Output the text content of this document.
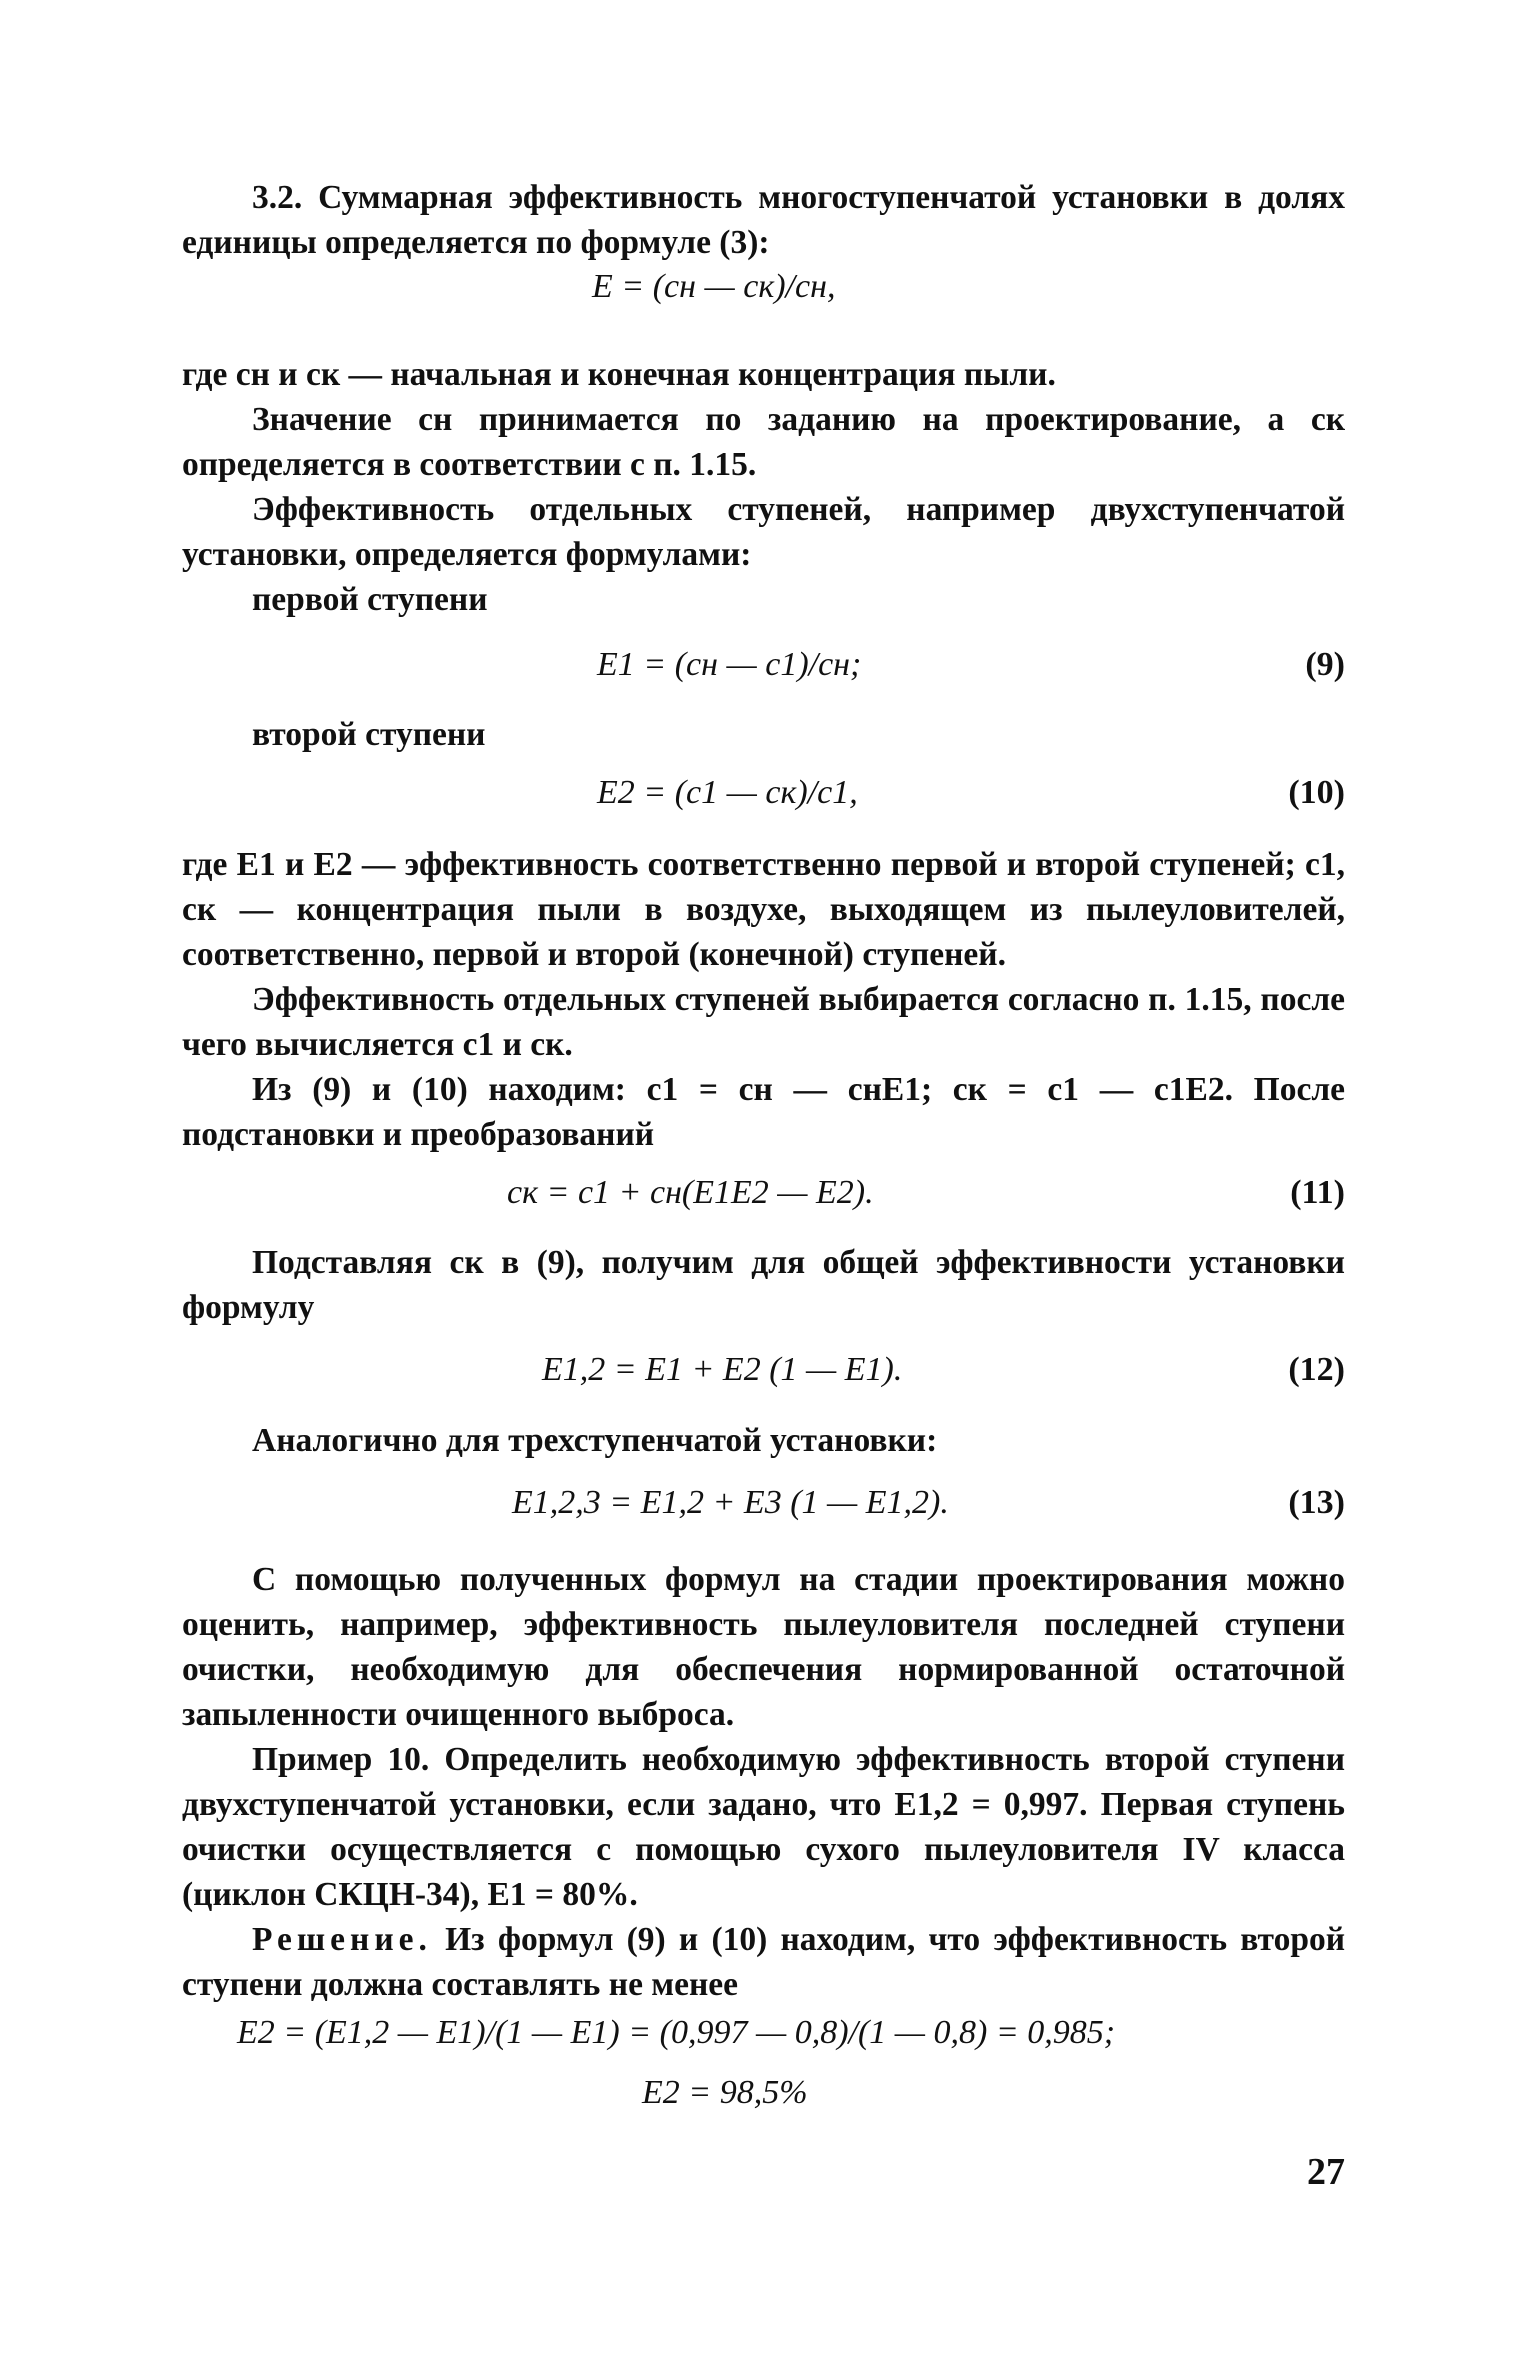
3.2. Суммарная эффективность многоступенчатой установки в долях единицы определяется по формуле (3):

E = (cн — cк)/cн,

где cн и cк — начальная и конечная концентрация пыли.

Значение cн принимается по заданию на проектирование, а cк определяется в соответствии с п. 1.15.

Эффективность отдельных ступеней, например двухступенчатой установки, определяется формулами:

первой ступени

E1 = (cн — c1)/cн;	(9)

второй ступени

E2 = (c1 — cк)/c1,	(10)

где E1 и E2 — эффективность соответственно первой и второй ступеней; c1, cк — концентрация пыли в воздухе, выходящем из пылеуловителей, соответственно, первой и второй (конечной) ступеней.

Эффективность отдельных ступеней выбирается согласно п. 1.15, после чего вычисляется c1 и cк.

Из (9) и (10) находим: c1 = cн — cнE1; cк = c1 — c1E2. После подстановки и преобразований

cк = c1 + cн(E1E2 — E2).	(11)

Подставляя cк в (9), получим для общей эффективности установки формулу

E1,2 = E1 + E2 (1 — E1).	(12)

Аналогично для трехступенчатой установки:

E1,2,3 = E1,2 + E3 (1 — E1,2).	(13)

С помощью полученных формул на стадии проектирования можно оценить, например, эффективность пылеуловителя последней ступени очистки, необходимую для обеспечения нормированной остаточной запыленности очищенного выброса.

Пример 10. Определить необходимую эффективность второй ступени двухступенчатой установки, если задано, что E1,2 = 0,997. Первая ступень очистки осуществляется с помощью сухого пылеуловителя IV класса (циклон СКЦН-34), E1 = 80%.

Решение. Из формул (9) и (10) находим, что эффективность второй ступени должна составлять не менее

E2 = (E1,2 — E1)/(1 — E1) = (0,997 — 0,8)/(1 — 0,8) = 0,985;
E2 = 98,5%
27
